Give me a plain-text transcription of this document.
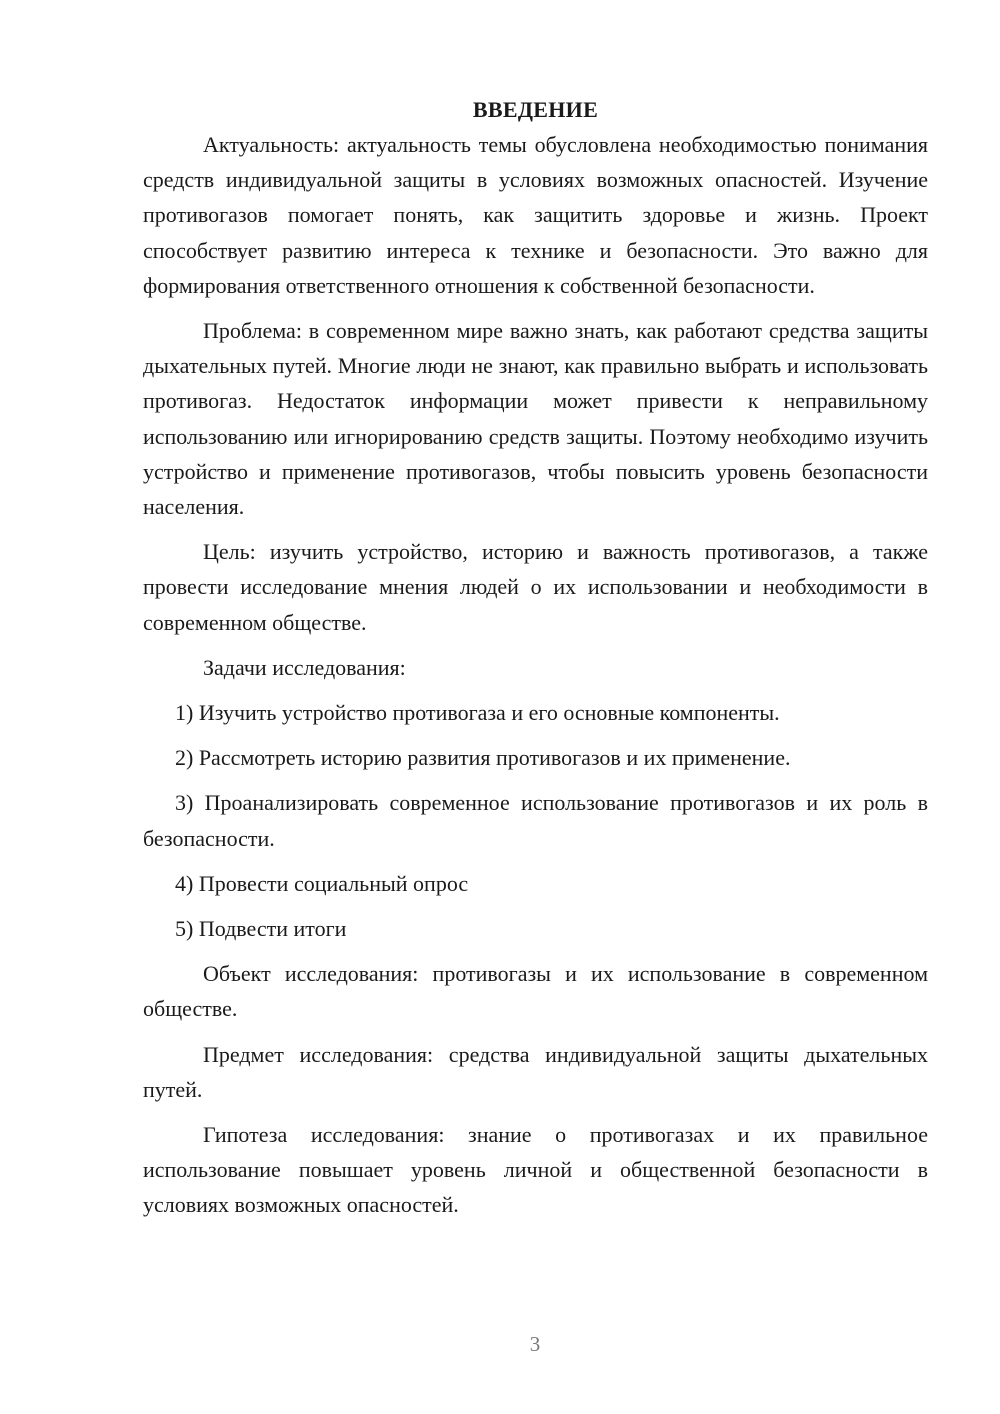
ВВЕДЕНИЕ

Актуальность: актуальность темы обусловлена необходимостью понимания средств индивидуальной защиты в условиях возможных опасностей. Изучение противогазов помогает понять, как защитить здоровье и жизнь. Проект способствует развитию интереса к технике и безопасности. Это важно для формирования ответственного отношения к собственной безопасности.

Проблема: в современном мире важно знать, как работают средства защиты дыхательных путей. Многие люди не знают, как правильно выбрать и использовать противогаз. Недостаток информации может привести к неправильному использованию или игнорированию средств защиты. Поэтому необходимо изучить устройство и применение противогазов, чтобы повысить уровень безопасности населения.

Цель: изучить устройство, историю и важность противогазов, а также провести исследование мнения людей о их использовании и необходимости в современном обществе.

Задачи исследования:

1) Изучить устройство противогаза и его основные компоненты.

2) Рассмотреть историю развития противогазов и их применение.

3) Проанализировать современное использование противогазов и их роль в безопасности.

4) Провести социальный опрос

5) Подвести итоги

Объект исследования: противогазы и их использование в современном обществе.

Предмет исследования: средства индивидуальной защиты дыхательных путей.

Гипотеза исследования: знание о противогазах и их правильное использование повышает уровень личной и общественной безопасности в условиях возможных опасностей.

3
